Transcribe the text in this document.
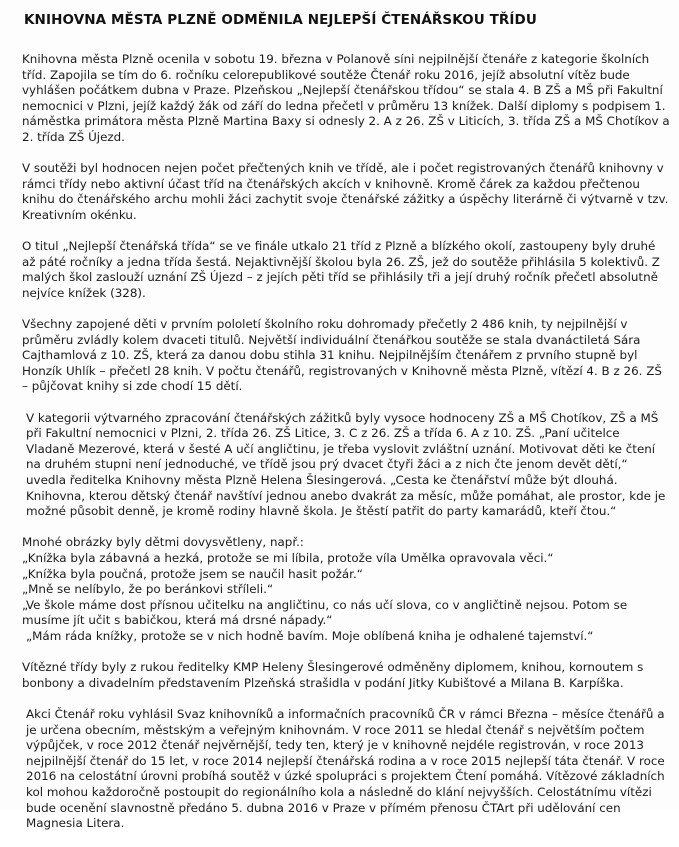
KNIHOVNA MĚSTA PLZNĚ ODMĚNILA NEJLEPŠÍ ČTENÁŘSKOU TŘÍDU

Knihovna města Plzně ocenila v sobotu 19. března v Polanově síni nejpilnější čtenáře z kategorie školních tříd. Zapojila se tím do 6. ročníku celorepublikové soutěže Čtenář roku 2016, jejíž absolutní vítěz bude vyhlášen počátkem dubna v Praze. Plzeňskou „Nejlepší čtenářskou třídou“ se stala 4. B ZŠ a MŠ při Fakultní nemocnici v Plzni, jejíž každý žák od září do ledna přečetl v průměru 13 knížek. Další diplomy s podpisem 1. náměstka primátora města Plzně Martina Baxy si odnesly 2. A z 26. ZŠ v Liticích, 3. třída ZŠ a MŠ Chotíkov a 2. třída ZŠ Újezd.

V soutěži byl hodnocen nejen počet přečtených knih ve třídě, ale i počet registrovaných čtenářů knihovny v rámci třídy nebo aktivní účast tříd na čtenářských akcích v knihovně. Kromě čárek za každou přečtenou knihu do čtenářského archu mohli žáci zachytit svoje čtenářské zážitky a úspěchy literárně či výtvarně v tzv. Kreativním okénku.

O titul „Nejlepší čtenářská třída“ se ve finále utkalo 21 tříd z Plzně a blízkého okolí, zastoupeny byly druhé až páté ročníky a jedna třída šestá. Nejaktivnější školou byla 26. ZŠ, jež do soutěže přihlásila 5 kolektivů. Z malých škol zaslouží uznání ZŠ Újezd – z jejích pěti tříd se přihlásily tři a její druhý ročník přečetl absolutně nejvíce knížek (328).

Všechny zapojené děti v prvním pololetí školního roku dohromady přečetly 2 486 knih, ty nejpilnější v průměru zvládly kolem dvaceti titulů. Největší individuální čtenářkou soutěže se stala dvanáctiletá Sára Cajthamlová z 10. ZŠ, která za danou dobu stihla 31 knihu. Nejpilnějším čtenářem z prvního stupně byl Honzík Uhlík – přečetl 28 knih. V počtu čtenářů, registrovaných v Knihovně města Plzně, vítězí 4. B z 26. ZŠ – půjčovat knihy si zde chodí 15 dětí.

V kategorii výtvarného zpracování čtenářských zážitků byly vysoce hodnoceny ZŠ a MŠ Chotíkov, ZŠ a MŠ při Fakultní nemocnici v Plzni, 2. třída 26. ZŠ Litice, 3. C z 26. ZŠ a třída 6. A z 10. ZŠ. „Paní učitelce Vladaně Mezerové, která v šesté A učí angličtinu, je třeba vyslovit zvláštní uznání. Motivovat děti ke čtení na druhém stupni není jednoduché, ve třídě jsou prý dvacet čtyři žáci a z nich čte jenom devět dětí,“ uvedla ředitelka Knihovny města Plzně Helena Šlesingerová. „Cesta ke čtenářství může být dlouhá. Knihovna, kterou dětský čtenář navštíví jednou anebo dvakrát za měsíc, může pomáhat, ale prostor, kde je možné působit denně, je kromě rodiny hlavně škola. Je štěstí patřit do party kamarádů, kteří čtou.“

Mnohé obrázky byly dětmi dovysvětleny, např.:
„Knížka byla zábavná a hezká, protože se mi líbila, protože víla Umělka opravovala věci.“
„Knížka byla poučná, protože jsem se naučil hasit požár.“
„Mně se nelíbylo, že po beránkovi stříleli.“
„Ve škole máme dost přísnou učitelku na angličtinu, co nás učí slova, co v angličtině nejsou. Potom se musíme jít učit s babičkou, která má drsné nápady.“
„Mám ráda knížky, protože se v nich hodně bavím. Moje oblíbená kniha je odhalené tajemství.“

Vítězné třídy byly z rukou ředitelky KMP Heleny Šlesingerové odměněny diplomem, knihou, kornoutem s bonbony a divadelním představením Plzeňská strašidla v podání Jitky Kubištové a Milana B. Karpíška.

Akci Čtenář roku vyhlásil Svaz knihovníků a informačních pracovníků ČR v rámci Března – měsíce čtenářů a je určena obecním, městským a veřejným knihovnám. V roce 2011 se hledal čtenář s největším počtem výpůjček, v roce 2012 čtenář nejvěrnější, tedy ten, který je v knihovně nejdéle registrován, v roce 2013 nejpilnější čtenář do 15 let, v roce 2014 nejlepší čtenářská rodina a v roce 2015 nejlepší táta čtenář. V roce 2016 na celostátní úrovni probíhá soutěž v úzké spolupráci s projektem Čtení pomáhá. Vítězové základních kol mohou každoročně postoupit do regionálního kola a následně do klání nejvyšších. Celostátnímu vítězi bude ocenění slavnostně předáno 5. dubna 2016 v Praze v přímém přenosu ČTArt při udělování cen Magnesia Litera.
